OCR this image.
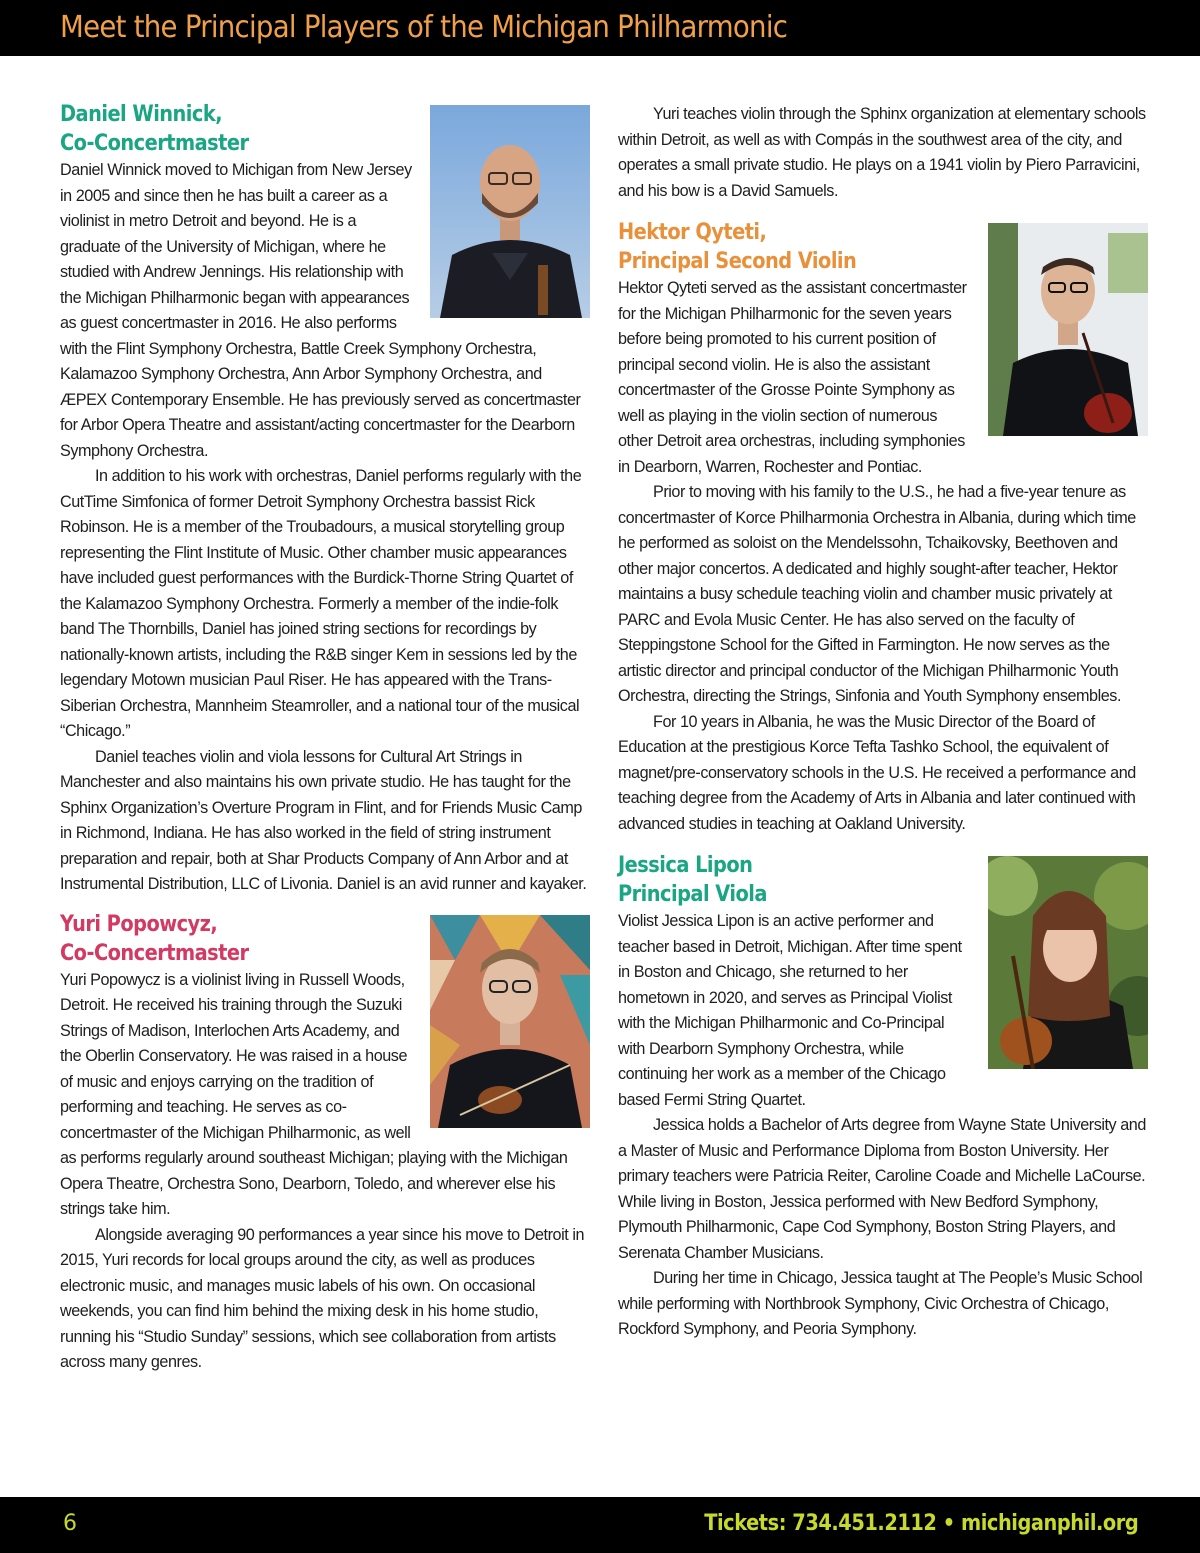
Meet the Principal Players of the Michigan Philharmonic
Daniel Winnick,
Co-Concertmaster

Daniel Winnick moved to Michigan from New Jersey in 2005 and since then he has built a career as a violinist in metro Detroit and beyond. He is a graduate of the University of Michigan, where he studied with Andrew Jennings. His relationship with the Michigan Philharmonic began with appearances as guest concertmaster in 2016. He also performs with the Flint Symphony Orchestra, Battle Creek Symphony Orchestra, Kalamazoo Symphony Orchestra, Ann Arbor Symphony Orchestra, and ÆPEX Contemporary Ensemble. He has previously served as concertmaster for Arbor Opera Theatre and assistant/acting concertmaster for the Dearborn Symphony Orchestra.

In addition to his work with orchestras, Daniel performs regularly with the CutTime Simfonica of former Detroit Symphony Orchestra bassist Rick Robinson. He is a member of the Troubadours, a musical storytelling group representing the Flint Institute of Music. Other chamber music appearances have included guest performances with the Burdick-Thorne String Quartet of the Kalamazoo Symphony Orchestra. Formerly a member of the indie-folk band The Thornbills, Daniel has joined string sections for recordings by nationally-known artists, including the R&B singer Kem in sessions led by the legendary Motown musician Paul Riser. He has appeared with the Trans-Siberian Orchestra, Mannheim Steamroller, and a national tour of the musical “Chicago.”

Daniel teaches violin and viola lessons for Cultural Art Strings in Manchester and also maintains his own private studio. He has taught for the Sphinx Organization’s Overture Program in Flint, and for Friends Music Camp in Richmond, Indiana. He has also worked in the field of string instrument preparation and repair, both at Shar Products Company of Ann Arbor and at Instrumental Distribution, LLC of Livonia. Daniel is an avid runner and kayaker.

Yuri Popowcyz,
Co-Concertmaster

Yuri Popowycz is a violinist living in Russell Woods, Detroit. He received his training through the Suzuki Strings of Madison, Interlochen Arts Academy, and the Oberlin Conservatory. He was raised in a house of music and enjoys carrying on the tradition of performing and teaching. He serves as co-concertmaster of the Michigan Philharmonic, as well as performs regularly around southeast Michigan; playing with the Michigan Opera Theatre, Orchestra Sono, Dearborn, Toledo, and wherever else his strings take him.

Alongside averaging 90 performances a year since his move to Detroit in 2015, Yuri records for local groups around the city, as well as produces electronic music, and manages music labels of his own. On occasional weekends, you can find him behind the mixing desk in his home studio, running his “Studio Sunday” sessions, which see collaboration from artists across many genres.

Yuri teaches violin through the Sphinx organization at elementary schools within Detroit, as well as with Compás in the southwest area of the city, and operates a small private studio. He plays on a 1941 violin by Piero Parravicini, and his bow is a David Samuels.

Hektor Qyteti,
Principal Second Violin

Hektor Qyteti served as the assistant concertmaster for the Michigan Philharmonic for the seven years before being promoted to his current position of principal second violin. He is also the assistant concertmaster of the Grosse Pointe Symphony as well as playing in the violin section of numerous other Detroit area orchestras, including symphonies in Dearborn, Warren, Rochester and Pontiac.

Prior to moving with his family to the U.S., he had a five-year tenure as concertmaster of Korce Philharmonia Orchestra in Albania, during which time he performed as soloist on the Mendelssohn, Tchaikovsky, Beethoven and other major concertos. A dedicated and highly sought-after teacher, Hektor maintains a busy schedule teaching violin and chamber music privately at PARC and Evola Music Center. He has also served on the faculty of Steppingstone School for the Gifted in Farmington. He now serves as the artistic director and principal conductor of the Michigan Philharmonic Youth Orchestra, directing the Strings, Sinfonia and Youth Symphony ensembles.

For 10 years in Albania, he was the Music Director of the Board of Education at the prestigious Korce Tefta Tashko School, the equivalent of magnet/pre-conservatory schools in the U.S. He received a performance and teaching degree from the Academy of Arts in Albania and later continued with advanced studies in teaching at Oakland University.

Jessica Lipon
Principal Viola

Violist Jessica Lipon is an active performer and teacher based in Detroit, Michigan. After time spent in Boston and Chicago, she returned to her hometown in 2020, and serves as Principal Violist with the Michigan Philharmonic and Co-Principal with Dearborn Symphony Orchestra, while continuing her work as a member of the Chicago based Fermi String Quartet.

Jessica holds a Bachelor of Arts degree from Wayne State University and a Master of Music and Performance Diploma from Boston University. Her primary teachers were Patricia Reiter, Caroline Coade and Michelle LaCourse. While living in Boston, Jessica performed with New Bedford Symphony, Plymouth Philharmonic, Cape Cod Symphony, Boston String Players, and Serenata Chamber Musicians.

During her time in Chicago, Jessica taught at The People’s Music School while performing with Northbrook Symphony, Civic Orchestra of Chicago, Rockford Symphony, and Peoria Symphony.

6	Tickets: 734.451.2112 • michiganphil.org
